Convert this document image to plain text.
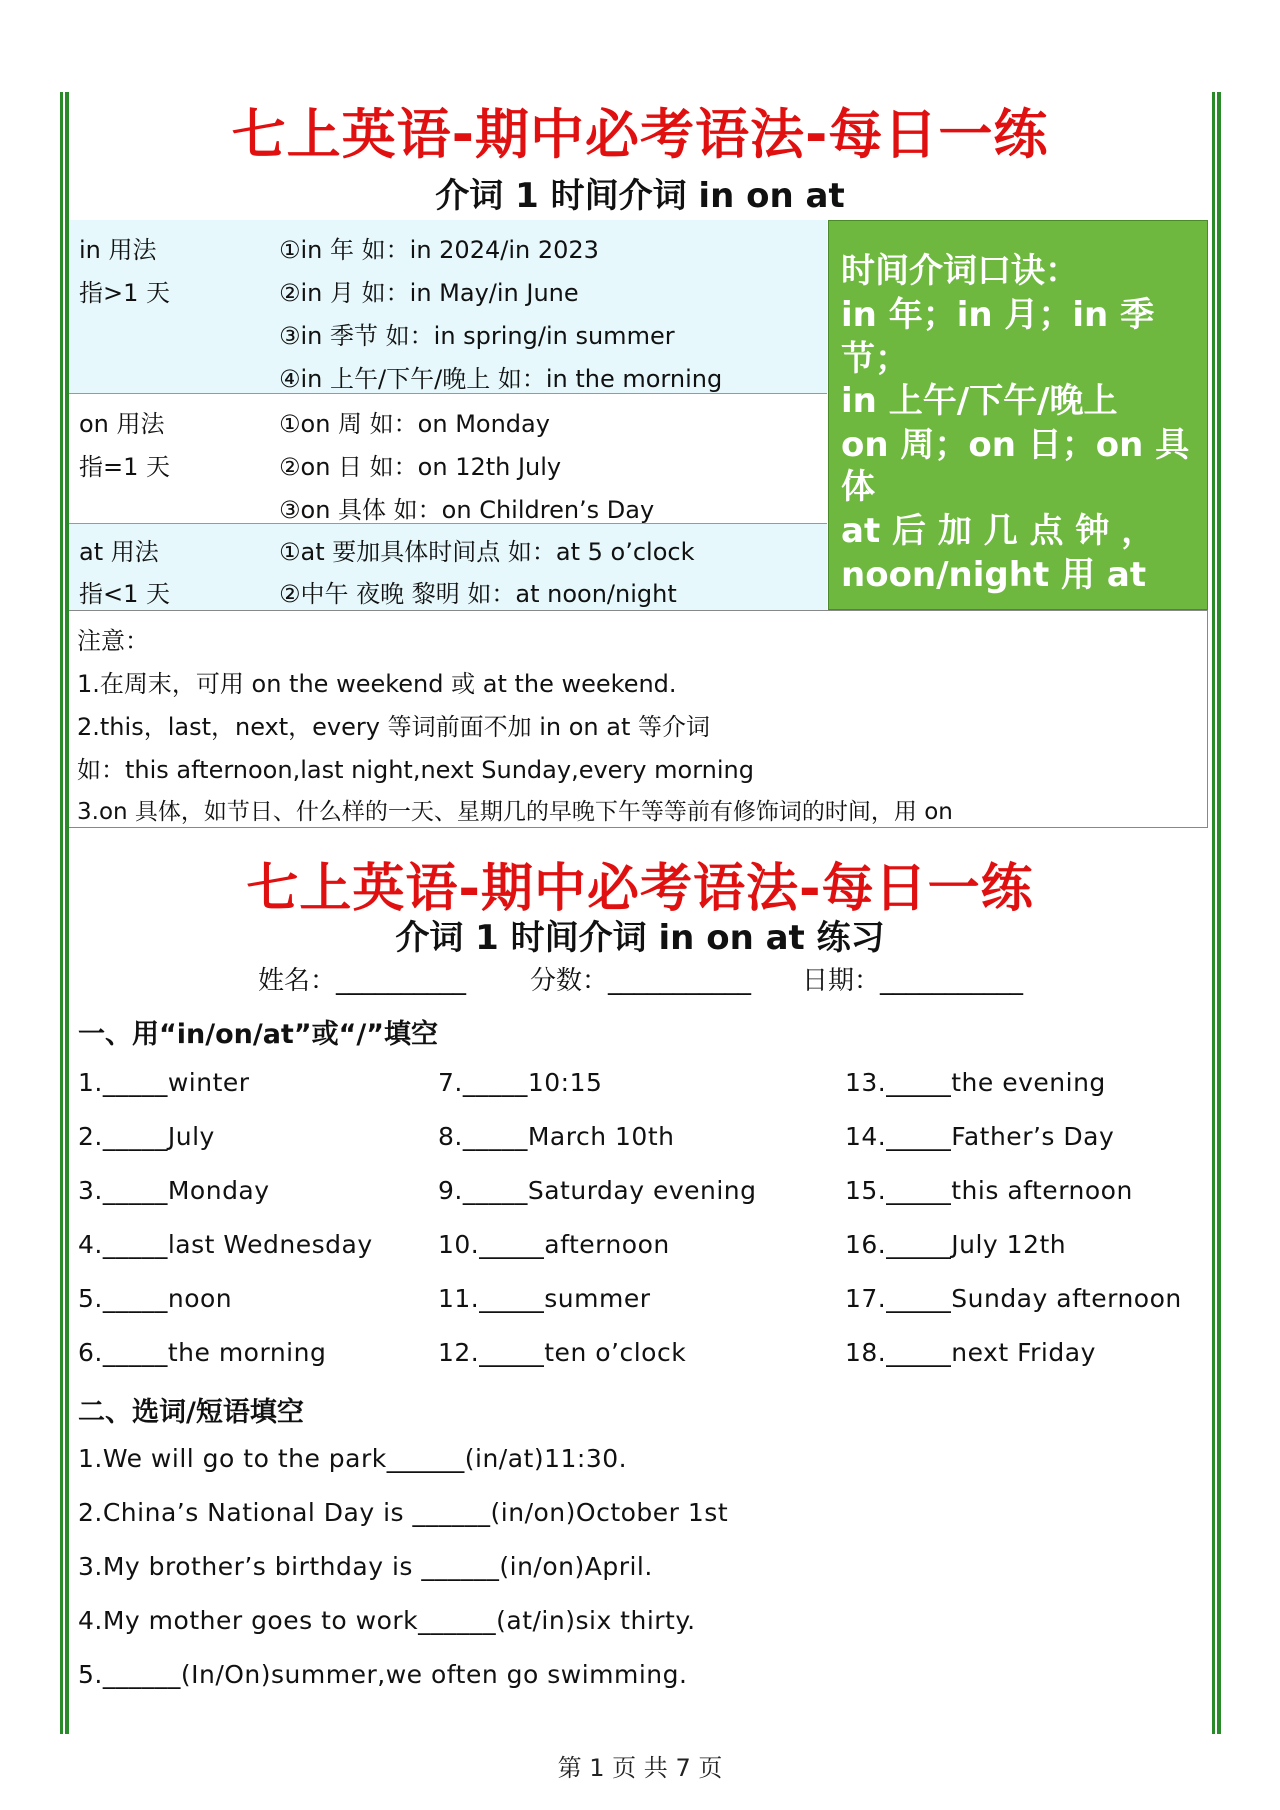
七上英语-期中必考语法-每日一练
介词 1 时间介词 in on at
in 用法
指>1 天
①in 年 如：in 2024/in 2023
②in 月 如：in May/in June
③in 季节 如：in spring/in summer
④in 上午/下午/晚上 如：in the morning
on 用法
指=1 天
①on 周 如：on Monday
②on 日 如：on 12th July
③on 具体 如：on Children’s Day
at 用法
指<1 天
①at 要加具体时间点 如：at 5 o’clock
②中午 夜晚 黎明 如：at noon/night
时间介词口诀：
in 年；in 月；in 季
节；
in 上午/下午/晚上
on 周；on 日；on 具
体
at 后 加 几 点 钟 ，
noon/night 用 at
注意：
1.在周末，可用 on the weekend 或 at the weekend.
2.this，last，next，every 等词前面不加 in on at 等介词
如：this afternoon,last night,next Sunday,every morning
3.on 具体，如节日、什么样的一天、星期几的早晚下午等等前有修饰词的时间，用 on
七上英语-期中必考语法-每日一练
介词 1 时间介词 in on at 练习
姓名：__________ 分数：___________ 日期：___________
一、用“in/on/at”或“/”填空
1._____winter
2._____July
3._____Monday
4._____last Wednesday
5._____noon
6._____the morning
7._____10:15
8._____March 10th
9._____Saturday evening
10._____afternoon
11._____summer
12._____ten o’clock
13._____the evening
14._____Father’s Day
15._____this afternoon
16._____July 12th
17._____Sunday afternoon
18._____next Friday
二、选词/短语填空
1.We will go to the park______(in/at)11:30.
2.China’s National Day is ______(in/on)October 1st
3.My brother’s birthday is ______(in/on)April.
4.My mother goes to work______(at/in)six thirty.
5.______(In/On)summer,we often go swimming.
第 1 页 共 7 页
